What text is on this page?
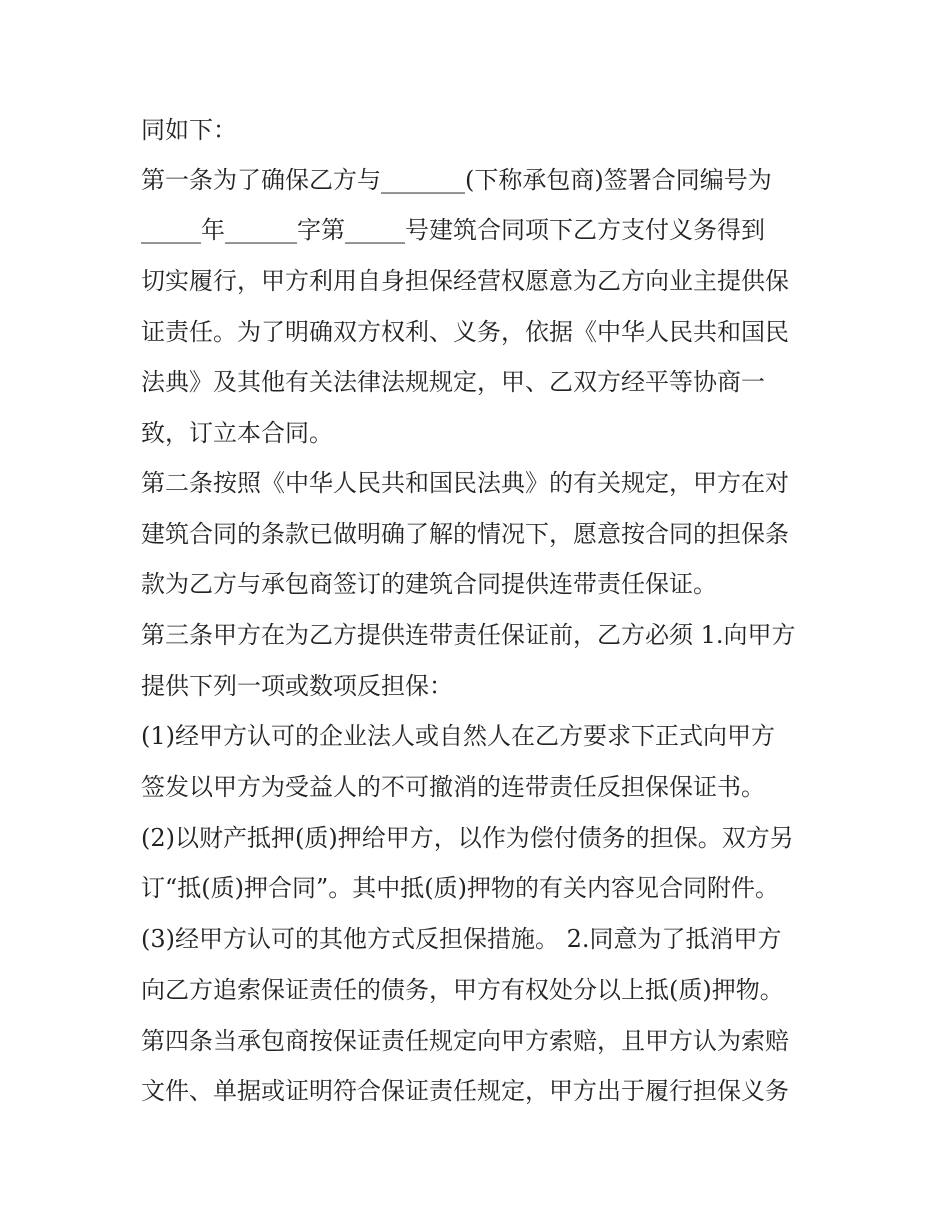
同如下：
第一条为了确保乙方与_______(下称承包商)签署合同编号为
_____年______字第_____号建筑合同项下乙方支付义务得到
切实履行，甲方利用自身担保经营权愿意为乙方向业主提供保
证责任。为了明确双方权利、义务，依据《中华人民共和国民
法典》及其他有关法律法规规定，甲、乙双方经平等协商一
致，订立本合同。
第二条按照《中华人民共和国民法典》的有关规定，甲方在对
建筑合同的条款已做明确了解的情况下，愿意按合同的担保条
款为乙方与承包商签订的建筑合同提供连带责任保证。
第三条甲方在为乙方提供连带责任保证前，乙方必须 1.向甲方
提供下列一项或数项反担保：
(1)经甲方认可的企业法人或自然人在乙方要求下正式向甲方
签发以甲方为受益人的不可撤消的连带责任反担保保证书。
(2)以财产抵押(质)押给甲方，以作为偿付债务的担保。双方另
订“抵(质)押合同”。其中抵(质)押物的有关内容见合同附件。
(3)经甲方认可的其他方式反担保措施。 2.同意为了抵消甲方
向乙方追索保证责任的债务，甲方有权处分以上抵(质)押物。
第四条当承包商按保证责任规定向甲方索赔，且甲方认为索赔
文件、单据或证明符合保证责任规定，甲方出于履行担保义务
